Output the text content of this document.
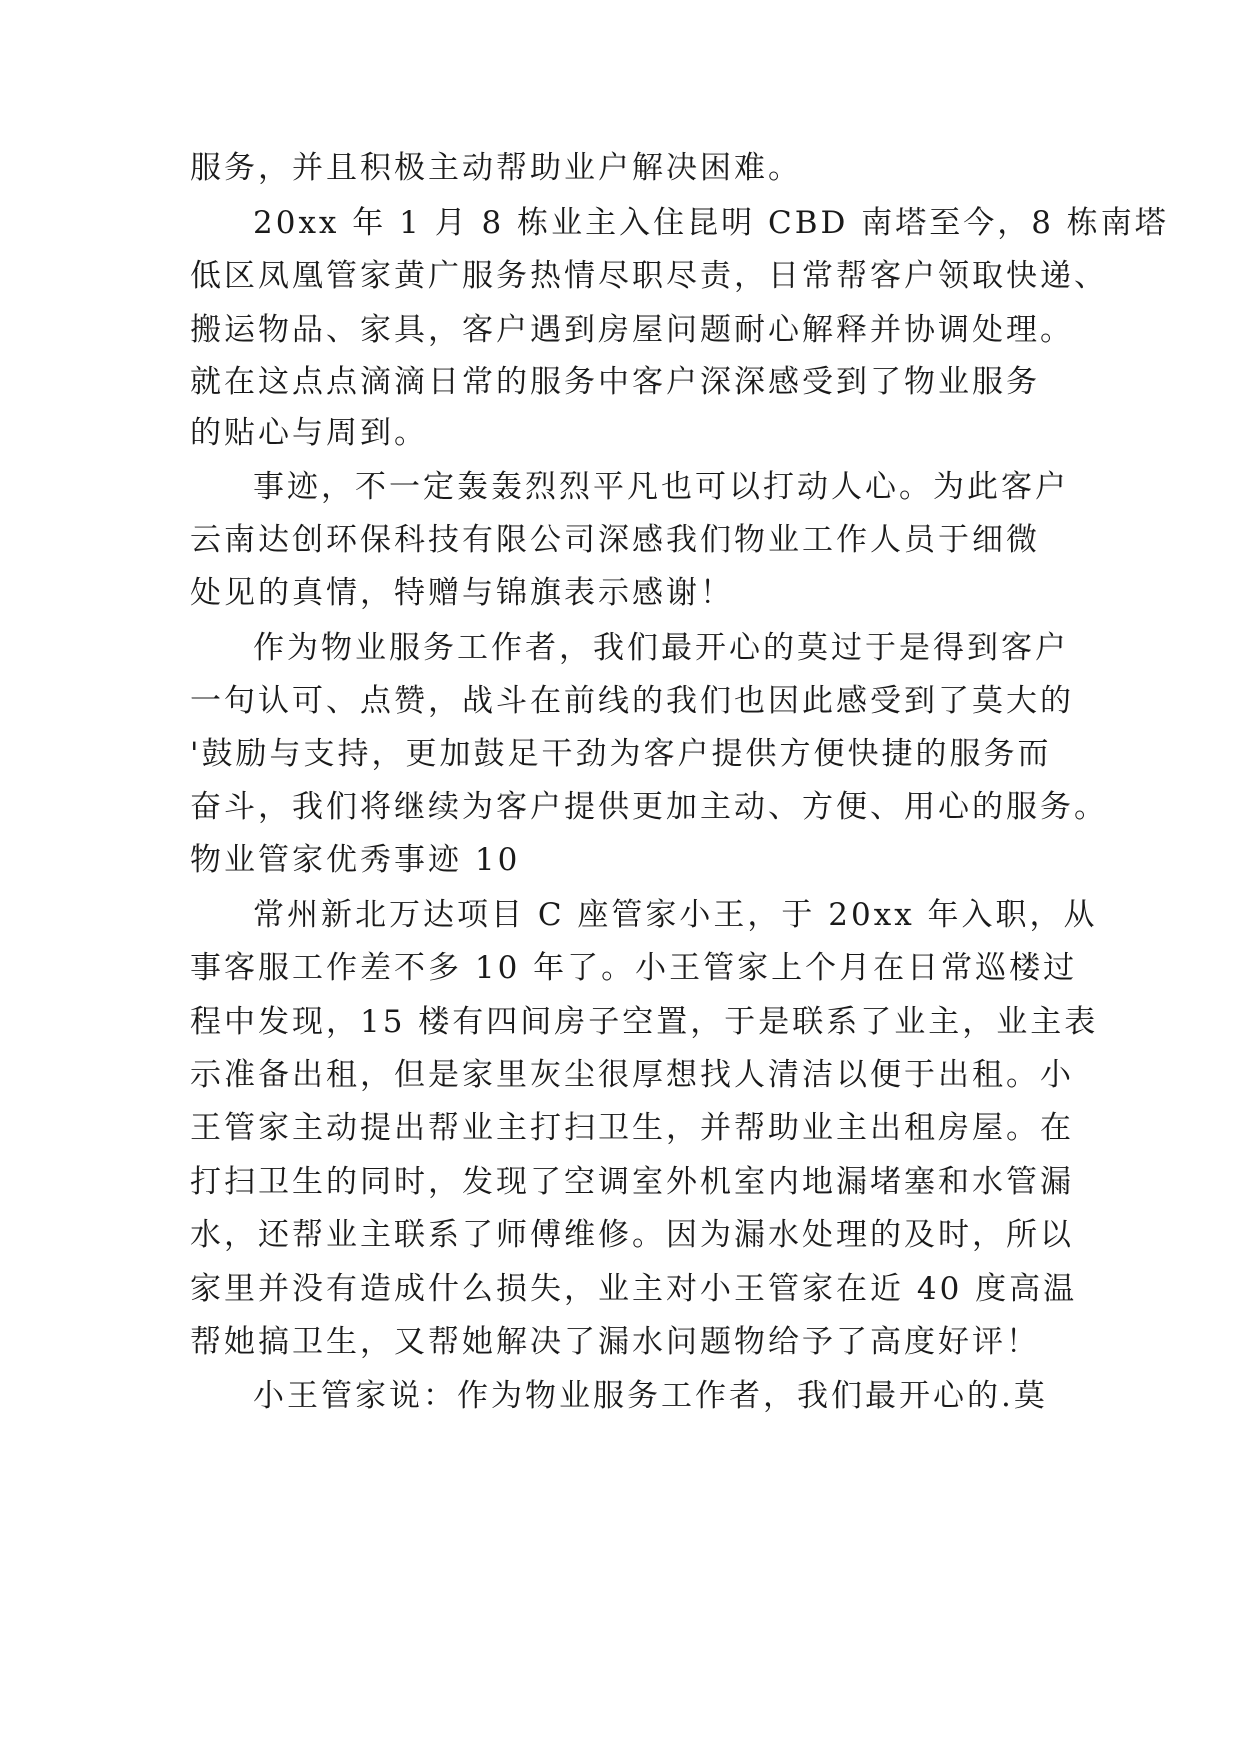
服务，并且积极主动帮助业户解决困难。
20xx 年 1 月 8 栋业主入住昆明 CBD 南塔至今，8 栋南塔
低区凤凰管家黄广服务热情尽职尽责，日常帮客户领取快递、
搬运物品、家具，客户遇到房屋问题耐心解释并协调处理。
就在这点点滴滴日常的服务中客户深深感受到了物业服务
的贴心与周到。
事迹，不一定轰轰烈烈平凡也可以打动人心。为此客户
云南达创环保科技有限公司深感我们物业工作人员于细微
处见的真情，特赠与锦旗表示感谢！
作为物业服务工作者，我们最开心的莫过于是得到客户
一句认可、点赞，战斗在前线的我们也因此感受到了莫大的
'鼓励与支持，更加鼓足干劲为客户提供方便快捷的服务而
奋斗，我们将继续为客户提供更加主动、方便、用心的服务。
物业管家优秀事迹 10
常州新北万达项目 C 座管家小王，于 20xx 年入职，从
事客服工作差不多 10 年了。小王管家上个月在日常巡楼过
程中发现，15 楼有四间房子空置，于是联系了业主，业主表
示准备出租，但是家里灰尘很厚想找人清洁以便于出租。小
王管家主动提出帮业主打扫卫生，并帮助业主出租房屋。在
打扫卫生的同时，发现了空调室外机室内地漏堵塞和水管漏
水，还帮业主联系了师傅维修。因为漏水处理的及时，所以
家里并没有造成什么损失，业主对小王管家在近 40 度高温
帮她搞卫生，又帮她解决了漏水问题物给予了高度好评！
小王管家说：作为物业服务工作者，我们最开心的.莫
